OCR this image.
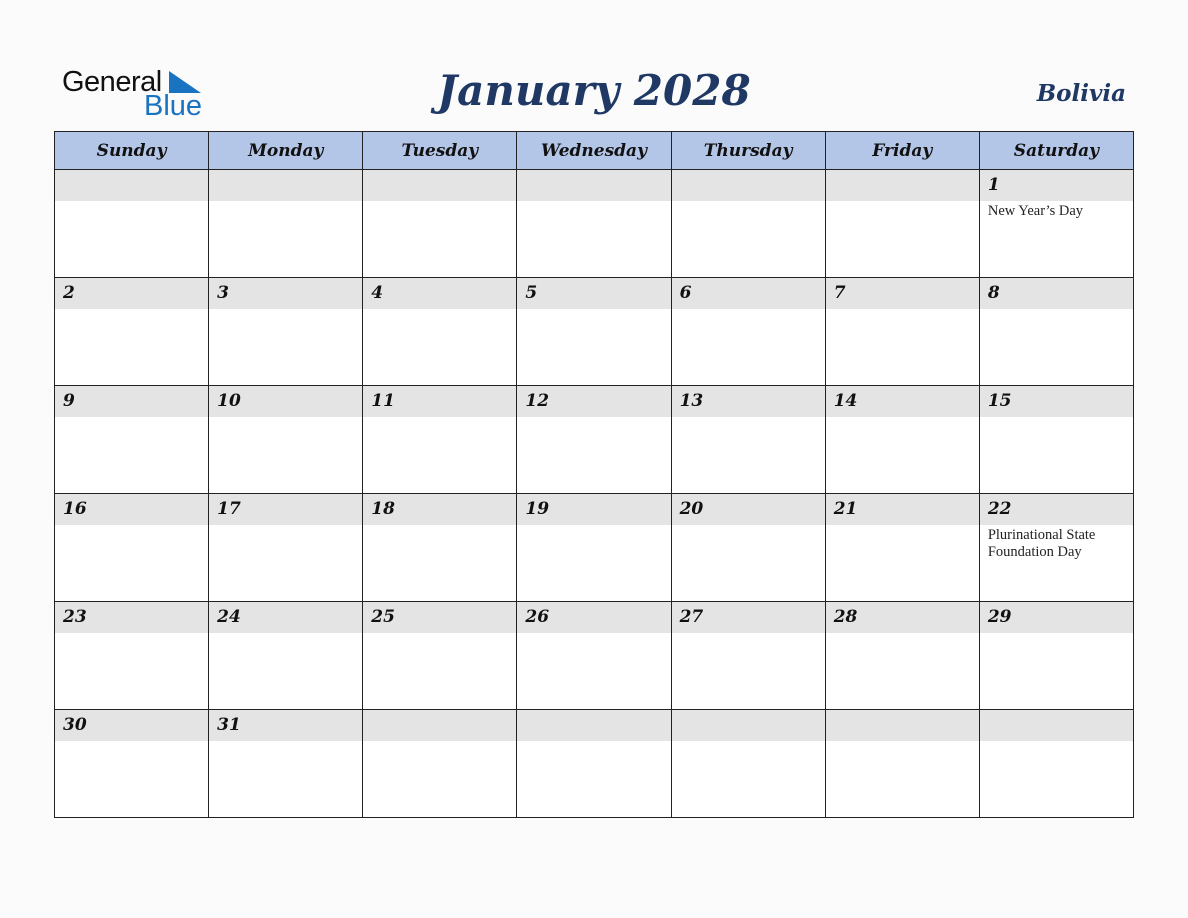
General
Blue	January 2028	Bolivia
Sunday	Monday	Tuesday	Wednesday	Thursday	Friday	Saturday

						1
New Year’s Day

2	3	4	5	6	7	8

9	10	11	12	13	14	15

16	17	18	19	20	21	22
Plurinational State Foundation Day

23	24	25	26	27	28	29

30	31					
